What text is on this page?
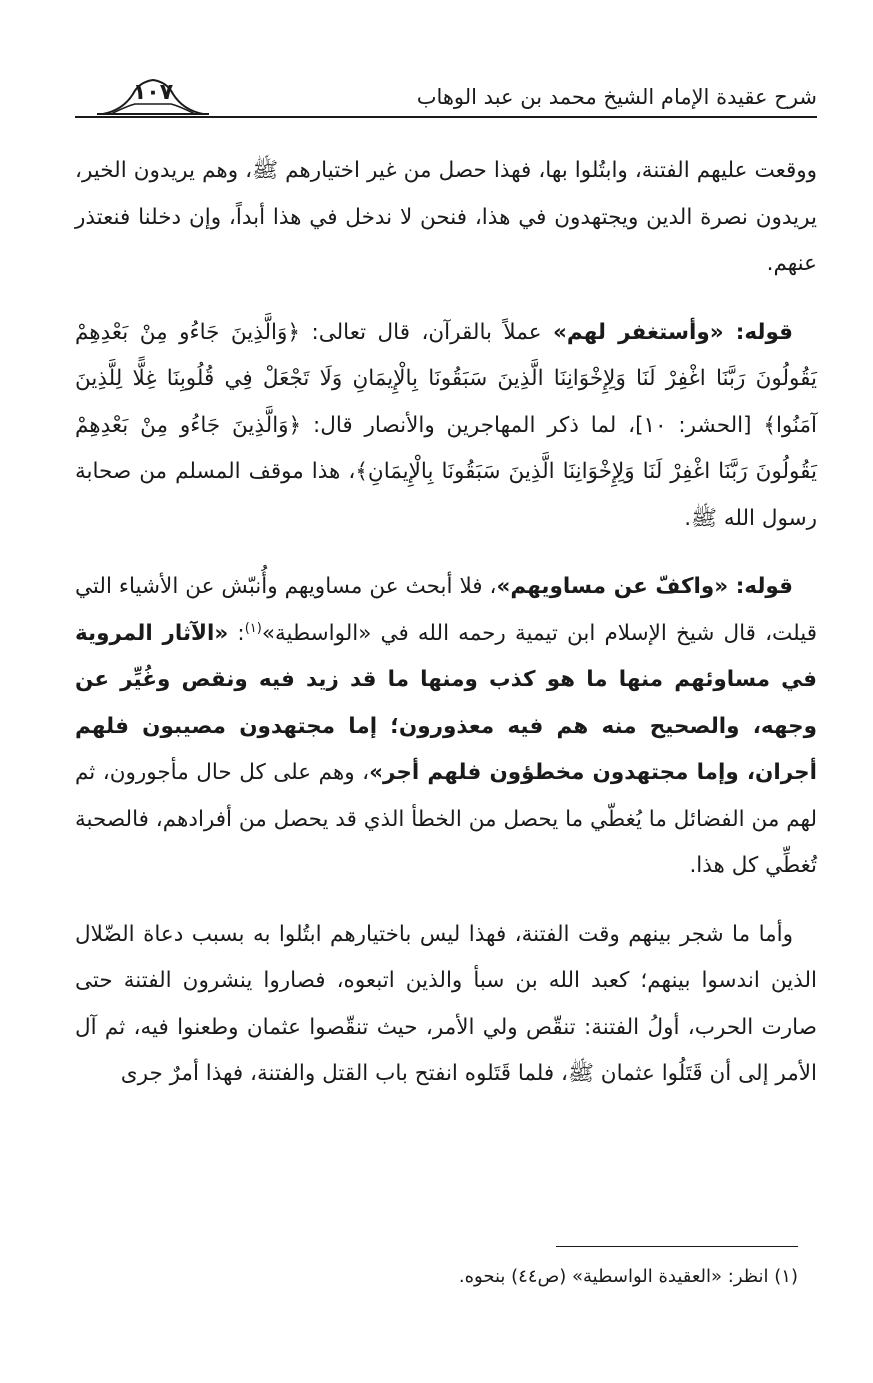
١٠٧	شرح عقيدة الإمام الشيخ محمد بن عبد الوهاب

ووقعت عليهم الفتنة، وابتُلوا بها، فهذا حصل من غير اختيارهم ﷺ، وهم يريدون الخير، يريدون نصرة الدين ويجتهدون في هذا، فنحن لا ندخل في هذا أبداً، وإن دخلنا فنعتذر عنهم.

قوله: «وأستغفر لهم» عملاً بالقرآن، قال تعالى: ﴿وَالَّذِينَ جَاءُو مِنْ بَعْدِهِمْ يَقُولُونَ رَبَّنَا اغْفِرْ لَنَا وَلِإِخْوَانِنَا الَّذِينَ سَبَقُونَا بِالْإِيمَانِ وَلَا تَجْعَلْ فِي قُلُوبِنَا غِلًّا لِلَّذِينَ آمَنُوا﴾ [الحشر: ١٠]، لما ذكر المهاجرين والأنصار قال: ﴿وَالَّذِينَ جَاءُو مِنْ بَعْدِهِمْ يَقُولُونَ رَبَّنَا اغْفِرْ لَنَا وَلِإِخْوَانِنَا الَّذِينَ سَبَقُونَا بِالْإِيمَانِ﴾، هذا موقف المسلم من صحابة رسول الله ﷺ.

قوله: «واكفّ عن مساويهم»، فلا أبحث عن مساويهم وأُنبّش عن الأشياء التي قيلت، قال شيخ الإسلام ابن تيمية رحمه الله في «الواسطية»$^{(١)}$: «الآثار المروية في مساوئهم منها ما هو كذب ومنها ما قد زيد فيه ونقص وغُيِّر عن وجهه، والصحيح منه هم فيه معذورون؛ إما مجتهدون مصيبون فلهم أجران، وإما مجتهدون مخطؤون فلهم أجر»، وهم على كل حال مأجورون، ثم لهم من الفضائل ما يُغطّي ما يحصل من الخطأ الذي قد يحصل من أفرادهم، فالصحبة تُغطِّي كل هذا.

وأما ما شجر بينهم وقت الفتنة، فهذا ليس باختيارهم ابتُلوا به بسبب دعاة الضّلال الذين اندسوا بينهم؛ كعبد الله بن سبأ والذين اتبعوه، فصاروا ينشرون الفتنة حتى صارت الحرب، أولُ الفتنة: تنقّص ولي الأمر، حيث تنقّصوا عثمان وطعنوا فيه، ثم آل الأمر إلى أن قَتَلُوا عثمان ﷺ، فلما قَتَلوه انفتح باب القتل والفتنة، فهذا أمرٌ جرى

(١) انظر: «العقيدة الواسطية» (ص٤٤) بنحوه.
